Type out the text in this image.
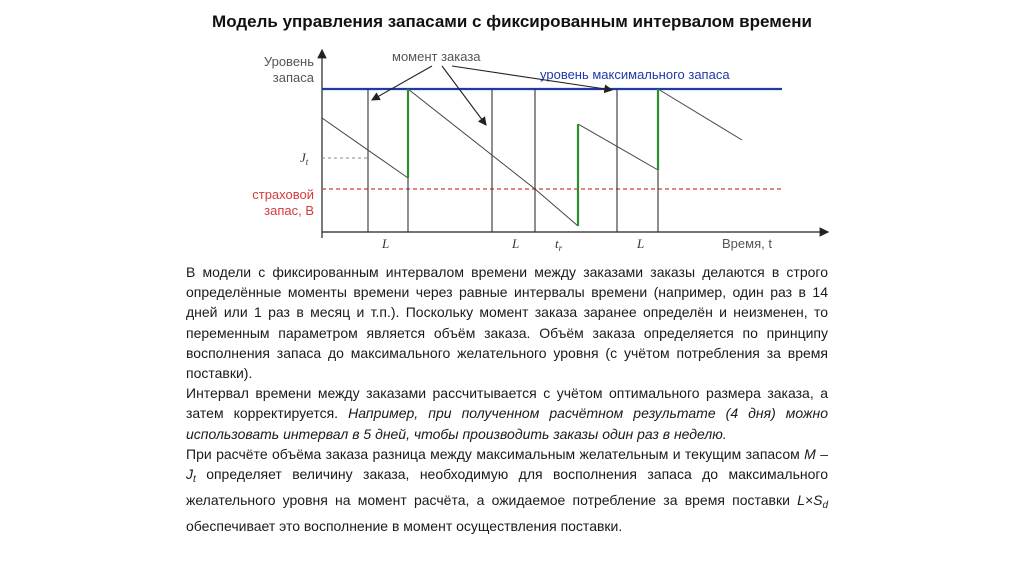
Модель управления запасами с фиксированным интервалом времени
Уровень
запаса	уровень максимального запаса
страховой
запас, B
$J_t$
момент заказа
L	L	$t_r$	L	Время, t

В модели с фиксированным интервалом времени между заказами заказы делаются в строго определённые моменты времени через равные интервалы времени (например, один раз в 14 дней или 1 раз в месяц и т.п.). Поскольку момент заказа заранее определён и неизменен, то переменным параметром является объём заказа. Объём заказа определяется по принципу восполнения запаса до максимального желательного уровня (с учётом потребления за время поставки).

Интервал времени между заказами рассчитывается с учётом оптимального размера заказа, а затем корректируется. Например, при полученном расчётном результате (4 дня) можно использовать интервал в 5 дней, чтобы производить заказы один раз в неделю.

При расчёте объёма заказа разница между максимальным желательным и текущим запасом M – $J_t$ определяет величину заказа, необходимую для восполнения запаса до максимального желательного уровня на момент расчёта, а ожидаемое потребление за время поставки $L\times S_d$ обеспечивает это восполнение в момент осуществления поставки.
